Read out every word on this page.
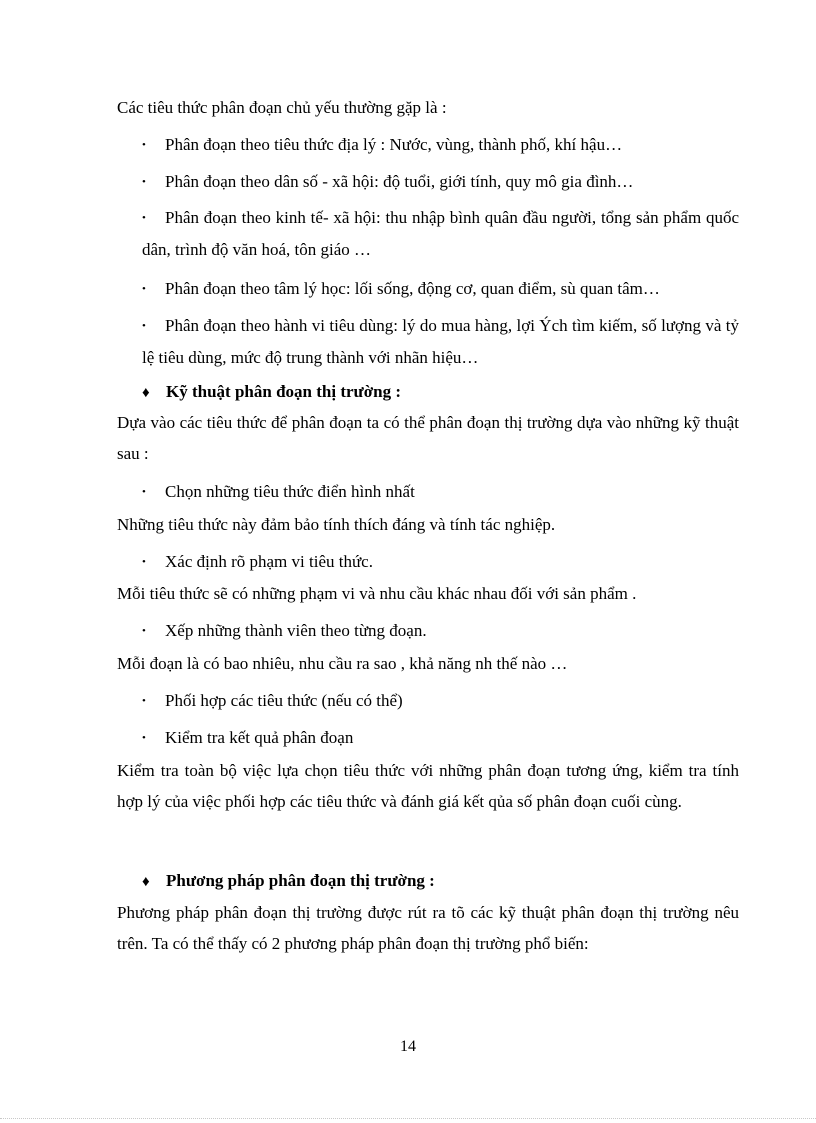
Các tiêu thức phân đoạn chủ yếu thường gặp là :

• Phân đoạn theo tiêu thức địa lý : Nước, vùng, thành phố, khí hậu…

• Phân đoạn theo dân số - xã hội: độ tuổi, giới tính, quy mô gia đình…

• Phân đoạn theo kinh tế- xã hội: thu nhập bình quân đầu người, tổng sản phẩm quốc dân, trình độ văn hoá, tôn giáo …

• Phân đoạn theo tâm lý học: lối sống, động cơ, quan điểm, sù quan tâm…

• Phân đoạn theo hành vi tiêu dùng: lý do mua hàng, lợi Ých tìm kiếm, số lượng và tỷ lệ tiêu dùng, mức độ trung thành với nhãn hiệu…

♦ Kỹ thuật phân đoạn thị trường :

Dựa vào các tiêu thức để phân đoạn ta có thể phân đoạn thị trường dựa vào những kỹ thuật sau :

• Chọn những tiêu thức điển hình nhất

Những tiêu thức này đảm bảo tính thích đáng và tính tác nghiệp.

• Xác định rõ phạm vi tiêu thức.

Mỗi tiêu thức sẽ có những phạm vi và nhu cầu khác nhau đối với sản phẩm .

• Xếp những thành viên theo từng đoạn.

Mỗi đoạn là có bao nhiêu, nhu cầu ra sao , khả năng nh thế nào …

• Phối hợp các tiêu thức (nếu có thể)

• Kiểm tra kết quả phân đoạn

Kiểm tra toàn bộ việc lựa chọn tiêu thức với những phân đoạn tương ứng, kiểm tra tính hợp lý của việc phối hợp các tiêu thức và đánh giá kết qủa số phân đoạn cuối cùng.

♦ Phương pháp phân đoạn thị trường :

Phương pháp phân đoạn thị trường được rút ra tõ các kỹ thuật phân đoạn thị trường nêu trên. Ta có thể thấy có 2 phương pháp phân đoạn thị trường phổ biến:

14
